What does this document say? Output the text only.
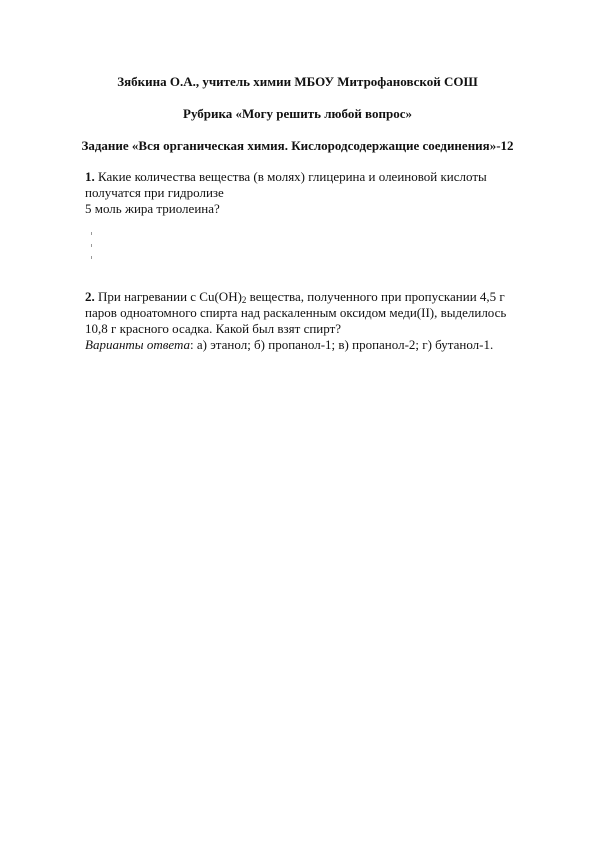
Зябкина О.А., учитель химии МБОУ Митрофановской СОШ
Рубрика «Могу решить любой вопрос»
Задание «Вся органическая химия. Кислородсодержащие соединения»-12
1. Какие количества вещества (в молях) глицерина и олеиновой кислоты
получатся при гидролизе
5 моль жира триолеина?
2. При нагревании с $Cu(OH)_2$ вещества, полученного при пропускании 4,5 г
паров одноатомного спирта над раскаленным оксидом меди(II), выделилось
10,8 г красного осадка. Какой был взят спирт?
Варианты ответа: а) этанол; б) пропанол-1; в) пропанол-2; г) бутанол-1.
